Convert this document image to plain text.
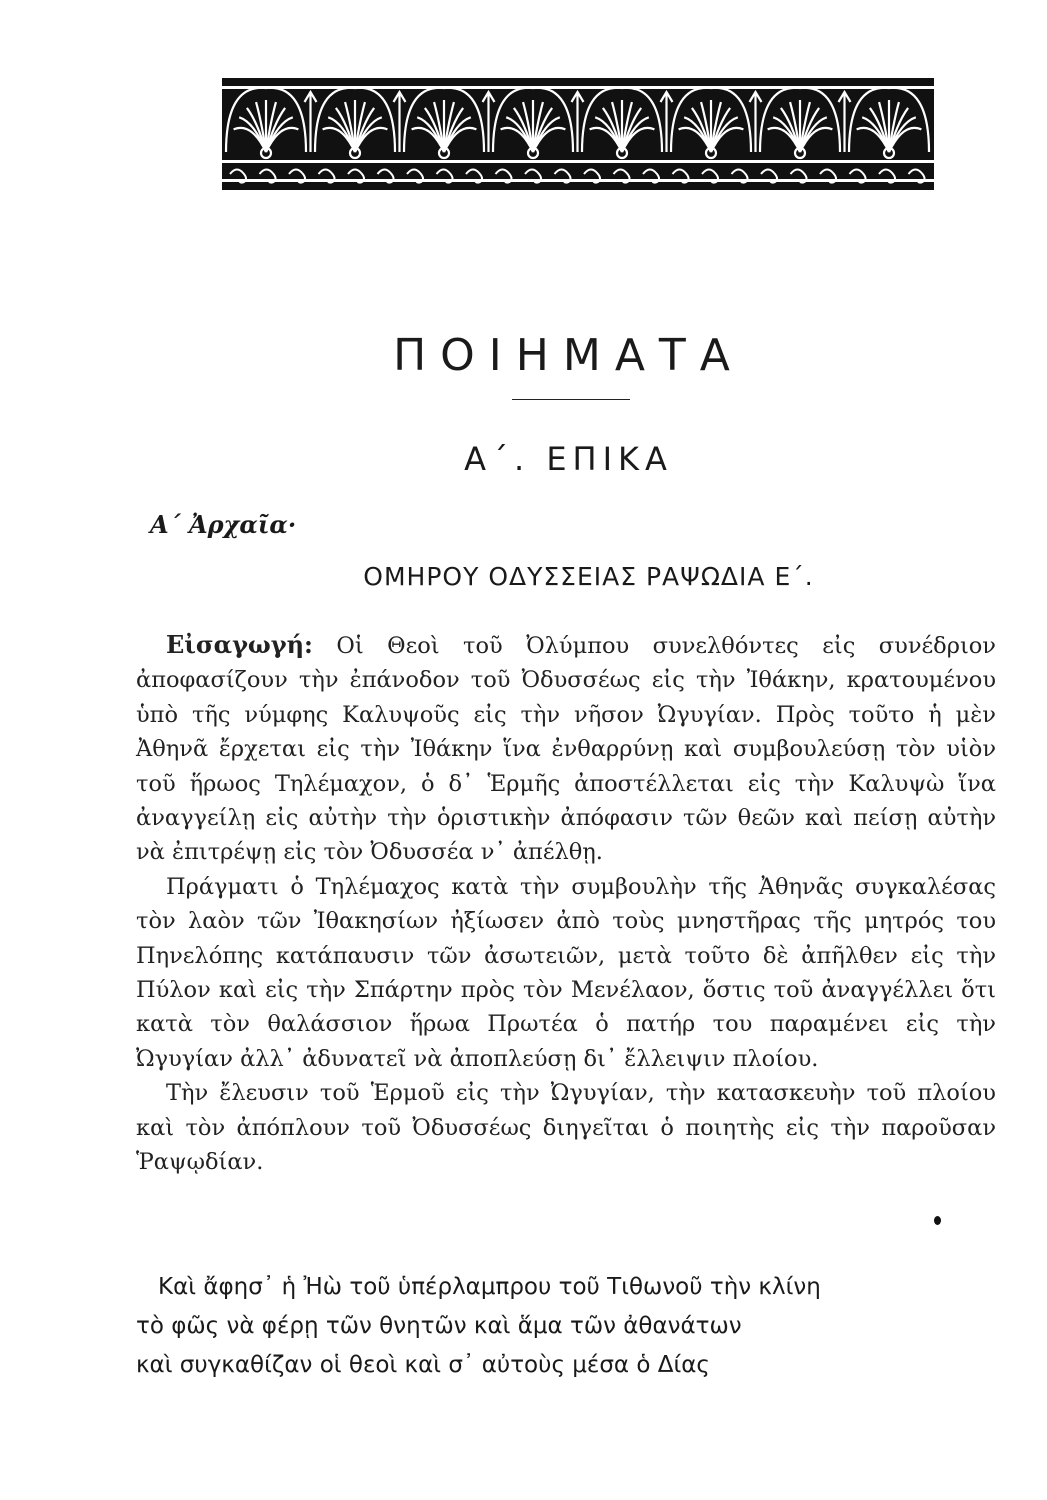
ΠΟΙΗΜΑΤΑ
Α΄. ΕΠΙΚΑ
Α΄ Ἀρχαῖα·
ΟΜΗΡΟΥ ΟΔΥΣΣΕΙΑΣ ΡΑΨΩΔΙΑ Ε΄.

Εἰσαγωγή: Οἱ Θεοὶ τοῦ Ὀλύμπου συνελθόντες εἰς συνέδριον ἀποφασίζουν τὴν ἐπάνοδον τοῦ Ὀδυσσέως εἰς τὴν Ἰθάκην, κρατουμένου ὑπὸ τῆς νύμφης Καλυψοῦς εἰς τὴν νῆσον Ὠγυγίαν. Πρὸς τοῦτο ἡ μὲν Ἀθηνᾶ ἔρχεται εἰς τὴν Ἰθάκην ἵνα ἐνθαρρύνῃ καὶ συμβουλεύσῃ τὸν υἱὸν τοῦ ἥρωος Τηλέμαχον, ὁ δ᾽ Ἑρμῆς ἀποστέλλεται εἰς τὴν Καλυψὼ ἵνα ἀναγγείλῃ εἰς αὐτὴν τὴν ὁριστικὴν ἀπόφασιν τῶν θεῶν καὶ πείσῃ αὐτὴν νὰ ἐπιτρέψῃ εἰς τὸν Ὀδυσσέα ν᾽ ἀπέλθῃ.

Πράγματι ὁ Τηλέμαχος κατὰ τὴν συμβουλὴν τῆς Ἀθηνᾶς συγκαλέσας τὸν λαὸν τῶν Ἰθακησίων ἠξίωσεν ἀπὸ τοὺς μνηστῆρας τῆς μητρός του Πηνελόπης κατάπαυσιν τῶν ἀσωτειῶν, μετὰ τοῦτο δὲ ἀπῆλθεν εἰς τὴν Πύλον καὶ εἰς τὴν Σπάρτην πρὸς τὸν Μενέλαον, ὅστις τοῦ ἀναγγέλλει ὅτι κατὰ τὸν θαλάσσιον ἥρωα Πρωτέα ὁ πατήρ του παραμένει εἰς τὴν Ὠγυγίαν ἀλλ᾽ ἀδυνατεῖ νὰ ἀποπλεύσῃ δι᾽ ἔλλειψιν πλοίου.

Τὴν ἔλευσιν τοῦ Ἑρμοῦ εἰς τὴν Ὠγυγίαν, τὴν κατασκευὴν τοῦ πλοίου καὶ τὸν ἀπόπλουν τοῦ Ὀδυσσέως διηγεῖται ὁ ποιητὴς εἰς τὴν παροῦσαν Ῥαψῳδίαν.

Καὶ ἄφησ᾽ ἡ Ἠὼ τοῦ ὑπέρλαμπρου τοῦ Τιθωνοῦ τὴν κλίνη
τὸ φῶς νὰ φέρῃ τῶν θνητῶν καὶ ἅμα τῶν ἀθανάτων
καὶ συγκαθίζαν οἱ θεοὶ καὶ σ᾽ αὐτοὺς μέσα ὁ Δίας
